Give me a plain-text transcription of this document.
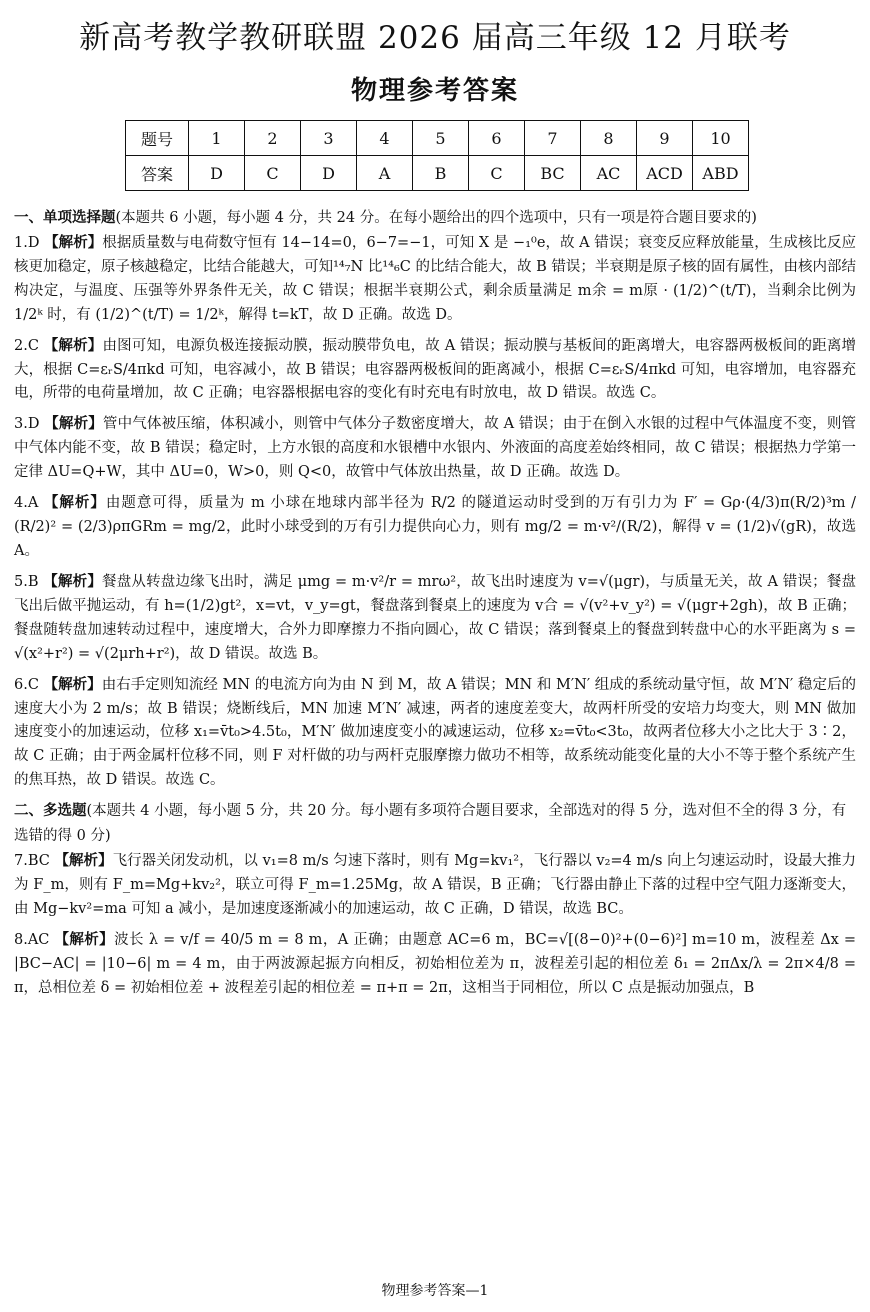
新高考教学教研联盟 2026 届高三年级 12 月联考
物理参考答案
题号	1	2	3	4	5	6	7	8	9	10
答案	D	C	D	A	B	C	BC	AC	ACD	ABD

一、单项选择题(本题共 6 小题，每小题 4 分，共 24 分。在每小题给出的四个选项中，只有一项是符合题目要求的)

1.D 【解析】根据质量数与电荷数守恒有 14−14=0，6−7=−1，可知 X 是 −₁⁰e，故 A 错误；衰变反应释放能量，生成核比反应核更加稳定，原子核越稳定，比结合能越大，可知¹⁴₇N 比¹⁴₆C 的比结合能大，故 B 错误；半衰期是原子核的固有属性，由核内部结构决定，与温度、压强等外界条件无关，故 C 错误；根据半衰期公式，剩余质量满足 m余 = m原 · (1/2)^(t/T)，当剩余比例为 1/2ᵏ 时，有 (1/2)^(t/T) = 1/2ᵏ，解得 t=kT，故 D 正确。故选 D。

2.C 【解析】由图可知，电源负极连接振动膜，振动膜带负电，故 A 错误；振动膜与基板间的距离增大，电容器两极板间的距离增大，根据 C=εᵣS/4πkd 可知，电容减小，故 B 错误；电容器两极板间的距离减小，根据 C=εᵣS/4πkd 可知，电容增加，电容器充电，所带的电荷量增加，故 C 正确；电容器根据电容的变化有时充电有时放电，故 D 错误。故选 C。

3.D 【解析】管中气体被压缩，体积减小，则管中气体分子数密度增大，故 A 错误；由于在倒入水银的过程中气体温度不变，则管中气体内能不变，故 B 错误；稳定时，上方水银的高度和水银槽中水银内、外液面的高度差始终相同，故 C 错误；根据热力学第一定律 ΔU=Q+W，其中 ΔU=0，W>0，则 Q<0，故管中气体放出热量，故 D 正确。故选 D。

4.A 【解析】由题意可得，质量为 m 小球在地球内部半径为 R/2 的隧道运动时受到的万有引力为 F′ = Gρ·(4/3)π(R/2)³m / (R/2)² = (2/3)ρπGRm = mg/2，此时小球受到的万有引力提供向心力，则有 mg/2 = m·v²/(R/2)，解得 v = (1/2)√(gR)，故选 A。

5.B 【解析】餐盘从转盘边缘飞出时，满足 μmg = m·v²/r = mrω²，故飞出时速度为 v=√(μgr)，与质量无关，故 A 错误；餐盘飞出后做平抛运动，有 h=(1/2)gt²，x=vt，v_y=gt，餐盘落到餐桌上的速度为 v合 = √(v²+v_y²) = √(μgr+2gh)，故 B 正确；餐盘随转盘加速转动过程中，速度增大，合外力即摩擦力不指向圆心，故 C 错误；落到餐桌上的餐盘到转盘中心的水平距离为 s = √(x²+r²) = √(2μrh+r²)，故 D 错误。故选 B。

6.C 【解析】由右手定则知流经 MN 的电流方向为由 N 到 M，故 A 错误；MN 和 M′N′ 组成的系统动量守恒，故 M′N′ 稳定后的速度大小为 2 m/s；故 B 错误；烧断线后，MN 加速 M′N′ 减速，两者的速度差变大，故两杆所受的安培力均变大，则 MN 做加速度变小的加速运动，位移 x₁=v̄t₀>4.5t₀，M′N′ 做加速度变小的减速运动，位移 x₂=v̄t₀<3t₀，故两者位移大小之比大于 3∶2，故 C 正确；由于两金属杆位移不同，则 F 对杆做的功与两杆克服摩擦力做功不相等，故系统动能变化量的大小不等于整个系统产生的焦耳热，故 D 错误。故选 C。

二、多选题(本题共 4 小题，每小题 5 分，共 20 分。每小题有多项符合题目要求，全部选对的得 5 分，选对但不全的得 3 分，有选错的得 0 分)

7.BC 【解析】飞行器关闭发动机，以 v₁=8 m/s 匀速下落时，则有 Mg=kv₁²，飞行器以 v₂=4 m/s 向上匀速运动时，设最大推力为 F_m，则有 F_m=Mg+kv₂²，联立可得 F_m=1.25Mg，故 A 错误，B 正确；飞行器由静止下落的过程中空气阻力逐渐变大，由 Mg−kv²=ma 可知 a 减小，是加速度逐渐减小的加速运动，故 C 正确，D 错误，故选 BC。

8.AC 【解析】波长 λ = v/f = 40/5 m = 8 m，A 正确；由题意 AC=6 m，BC=√[(8−0)²+(0−6)²] m=10 m，波程差 Δx = |BC−AC| = |10−6| m = 4 m，由于两波源起振方向相反，初始相位差为 π，波程差引起的相位差 δ₁ = 2πΔx/λ = 2π×4/8 = π，总相位差 δ = 初始相位差 + 波程差引起的相位差 = π+π = 2π，这相当于同相位，所以 C 点是振动加强点，B

物理参考答案—1
